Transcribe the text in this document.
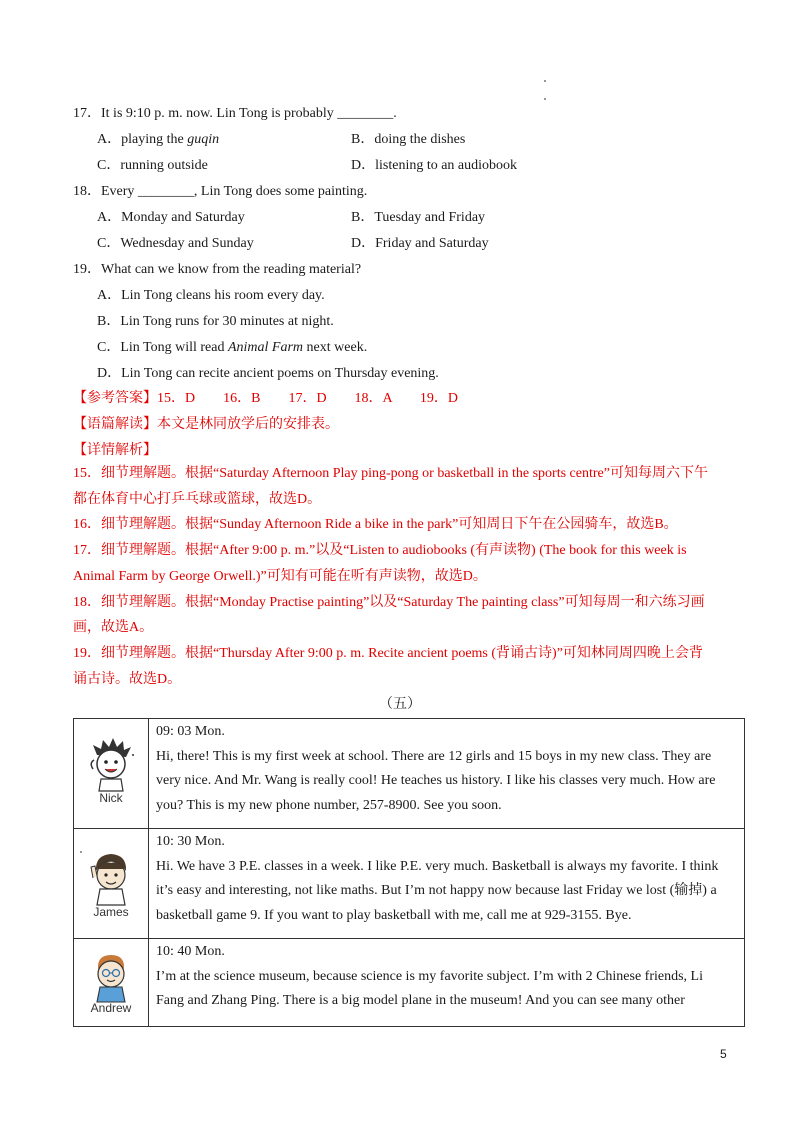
17．It is 9:10 p. m. now. Lin Tong is probably ________.
A．playing the guqin	B．doing the dishes
C．running outside	D．listening to an audiobook
18．Every ________, Lin Tong does some painting.
A．Monday and Saturday	B．Tuesday and Friday
C．Wednesday and Sunday	D．Friday and Saturday
19．What can we know from the reading material?
A．Lin Tong cleans his room every day.
B．Lin Tong runs for 30 minutes at night.
C．Lin Tong will read Animal Farm next week.
D．Lin Tong can recite ancient poems on Thursday evening.
【参考答案】15．D　　16．B　　17．D　　18．A　　19．D
【语篇解读】本文是林同放学后的安排表。
【详情解析】
15．细节理解题。根据“Saturday Afternoon Play ping-pong or basketball in the sports centre”可知每周六下午
都在体育中心打乒乓球或篮球，故选D。
16．细节理解题。根据“Sunday Afternoon Ride a bike in the park”可知周日下午在公园骑车，故选B。
17．细节理解题。根据“After 9:00 p. m.”以及“Listen to audiobooks (有声读物) (The book for this week is
Animal Farm by George Orwell.)”可知有可能在听有声读物，故选D。
18．细节理解题。根据“Monday Practise painting”以及“Saturday The painting class”可知每周一和六练习画
画，故选A。
19．细节理解题。根据“Thursday After 9:00 p. m. Recite ancient poems (背诵古诗)”可知林同周四晚上会背
诵古诗。故选D。
（五）
Nick	09: 03 Mon.
Hi, there! This is my first week at school. There are 12 girls and 15 boys in my new class. They are
very nice. And Mr. Wang is really cool! He teaches us history. I like his classes very much. How are
you? This is my new phone number, 257-8900. See you soon.

James	10: 30 Mon.
Hi. We have 3 P.E. classes in a week. I like P.E. very much. Basketball is always my favorite. I think
it’s easy and interesting, not like maths. But I’m not happy now because last Friday we lost (输掉) a
basketball game 9. If you want to play basketball with me, call me at 929-3155. Bye.

Andrew	10: 40 Mon.
I’m at the science museum, because science is my favorite subject. I’m with 2 Chinese friends, Li
Fang and Zhang Ping. There is a big model plane in the museum! And you can see many other
5
